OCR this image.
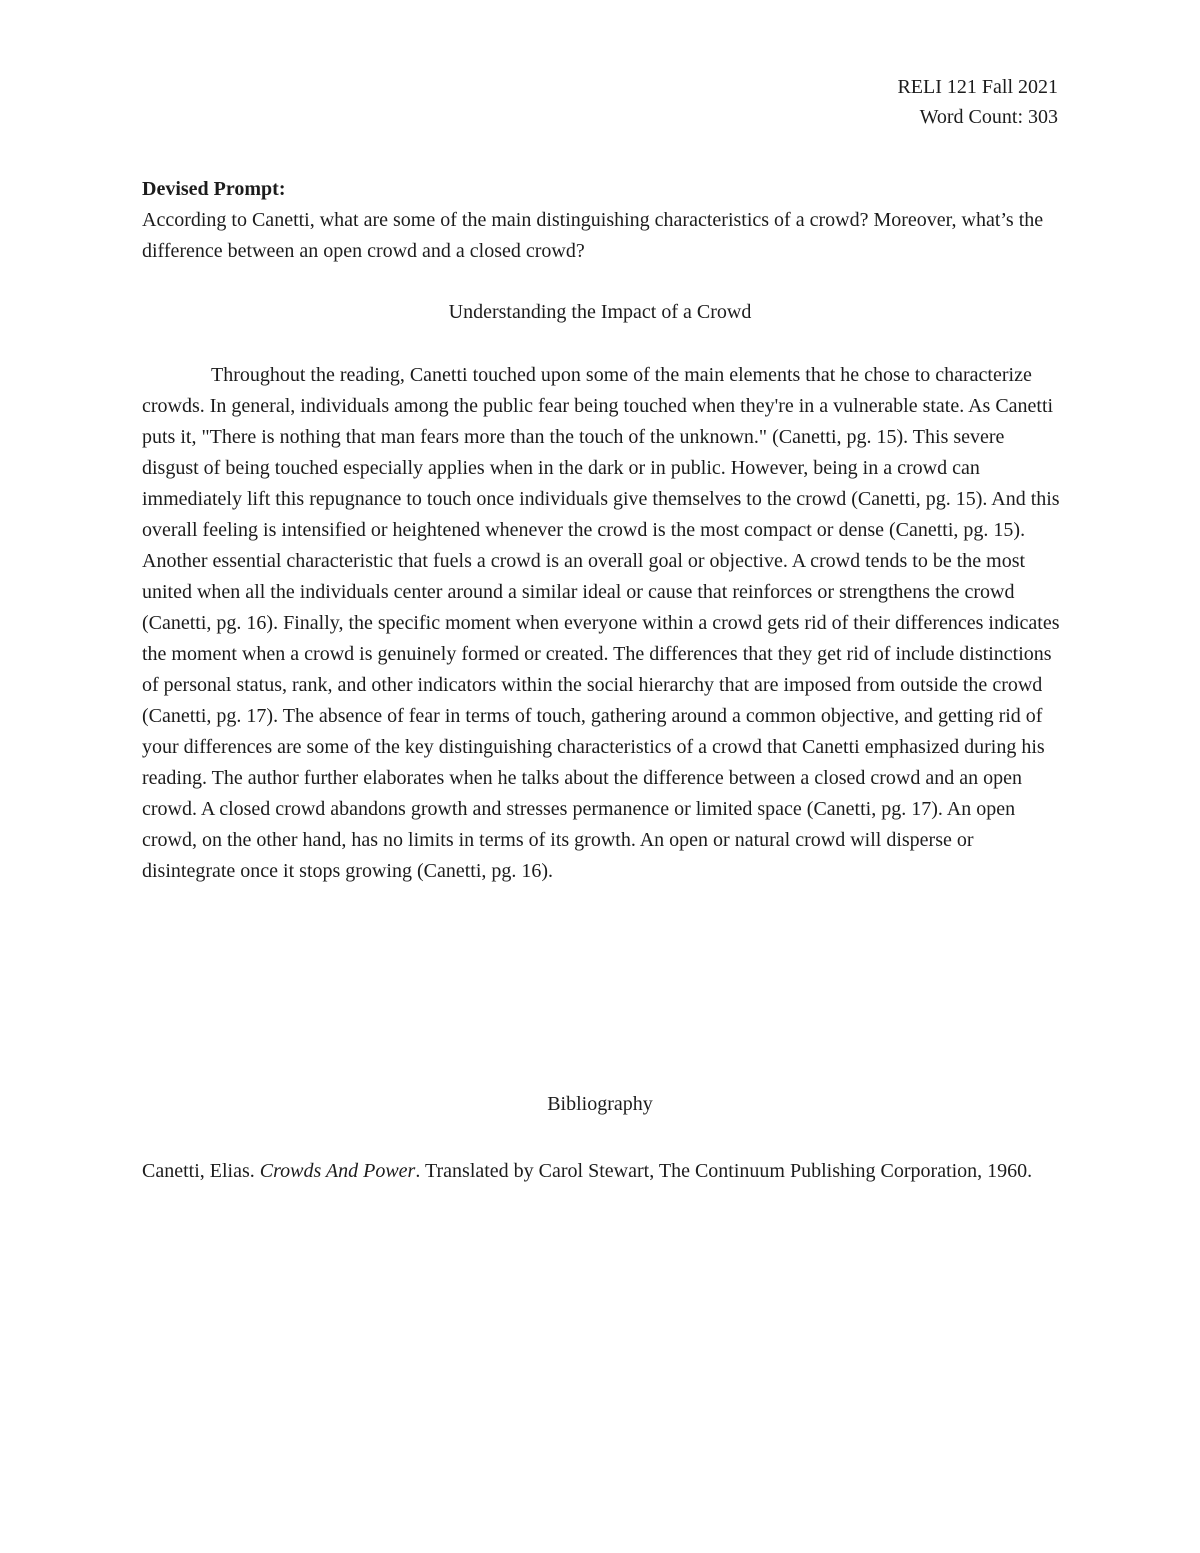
RELI 121 Fall 2021
Word Count: 303
Devised Prompt:
According to Canetti, what are some of the main distinguishing characteristics of a crowd? Moreover, what’s the difference between an open crowd and a closed crowd?
Understanding the Impact of a Crowd

Throughout the reading, Canetti touched upon some of the main elements that he chose to characterize crowds. In general, individuals among the public fear being touched when they're in a vulnerable state. As Canetti puts it, "There is nothing that man fears more than the touch of the unknown." (Canetti, pg. 15). This severe disgust of being touched especially applies when in the dark or in public. However, being in a crowd can immediately lift this repugnance to touch once individuals give themselves to the crowd (Canetti, pg. 15). And this overall feeling is intensified or heightened whenever the crowd is the most compact or dense (Canetti, pg. 15). Another essential characteristic that fuels a crowd is an overall goal or objective. A crowd tends to be the most united when all the individuals center around a similar ideal or cause that reinforces or strengthens the crowd (Canetti, pg. 16). Finally, the specific moment when everyone within a crowd gets rid of their differences indicates the moment when a crowd is genuinely formed or created. The differences that they get rid of include distinctions of personal status, rank, and other indicators within the social hierarchy that are imposed from outside the crowd (Canetti, pg. 17). The absence of fear in terms of touch, gathering around a common objective, and getting rid of your differences are some of the key distinguishing characteristics of a crowd that Canetti emphasized during his reading. The author further elaborates when he talks about the difference between a closed crowd and an open crowd. A closed crowd abandons growth and stresses permanence or limited space (Canetti, pg. 17). An open crowd, on the other hand, has no limits in terms of its growth. An open or natural crowd will disperse or disintegrate once it stops growing (Canetti, pg. 16).

Bibliography
Canetti, Elias. Crowds And Power. Translated by Carol Stewart, The Continuum Publishing Corporation, 1960.
